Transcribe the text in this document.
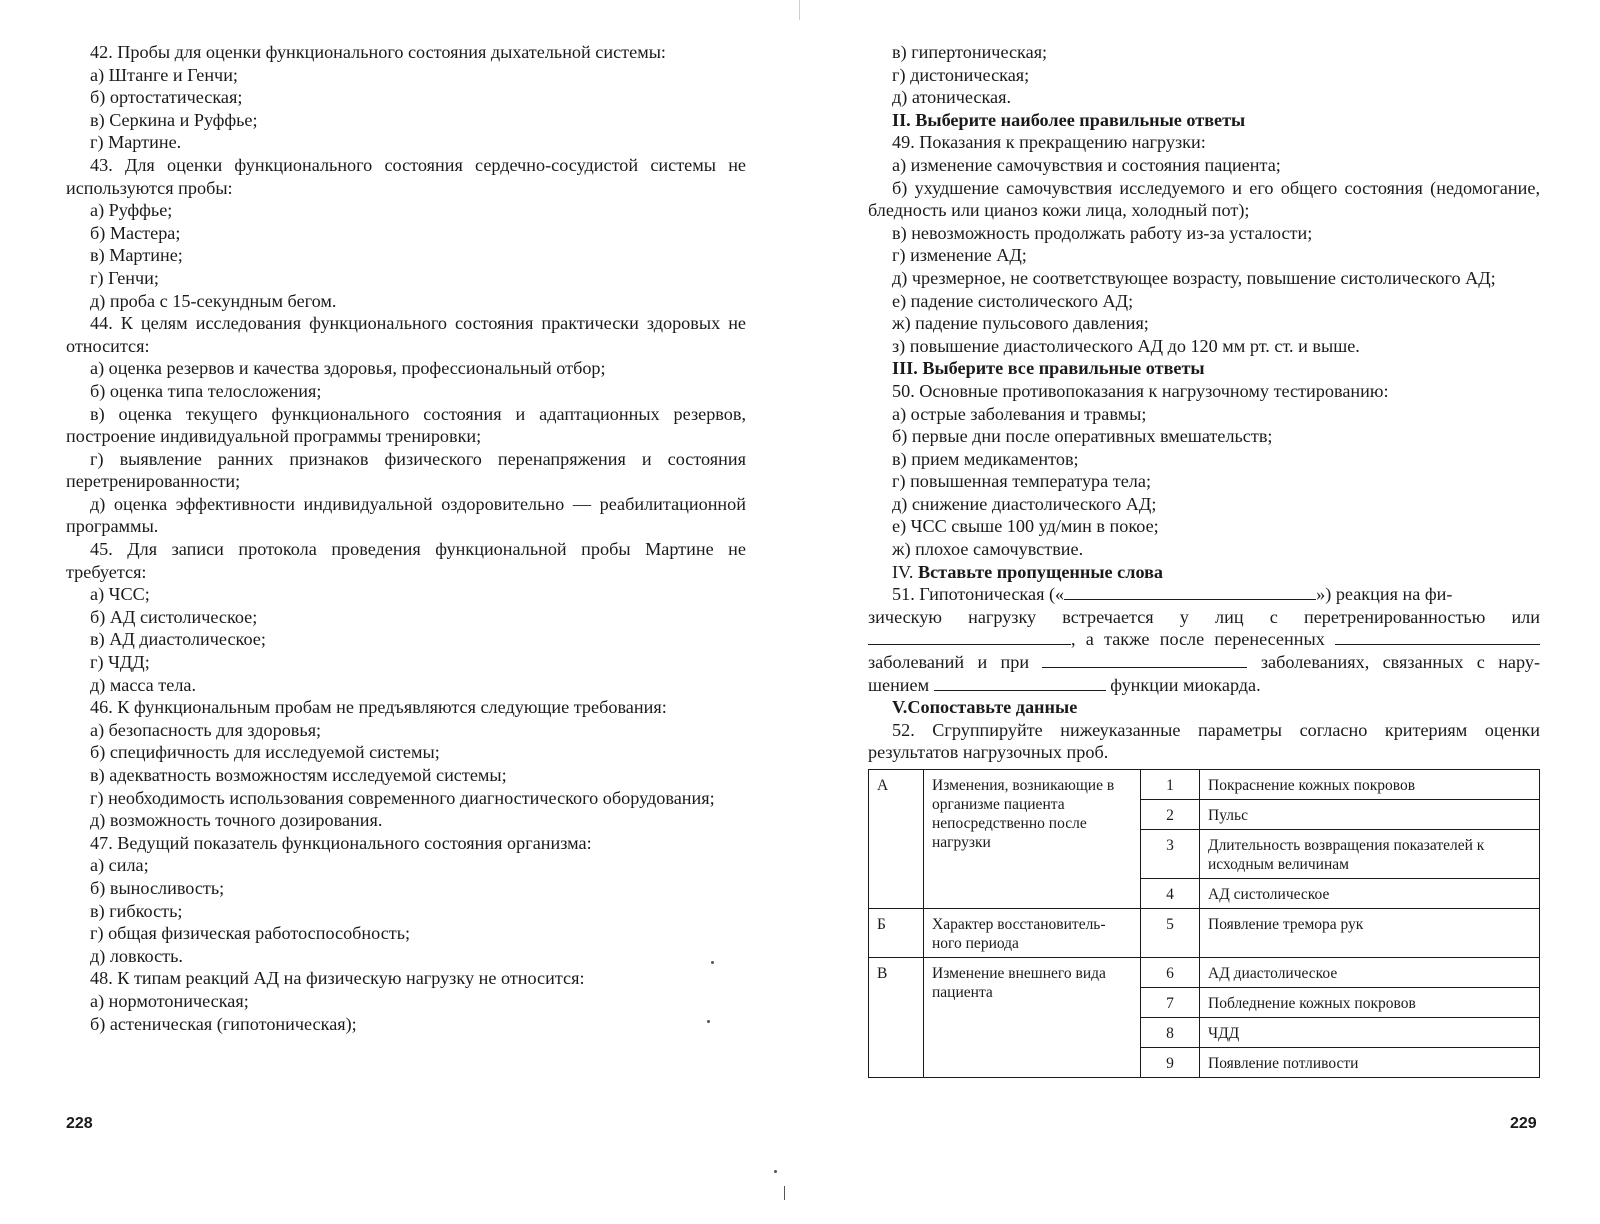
42. Пробы для оценки функционального состояния дыхательной системы:

а) Штанге и Генчи;

б) ортостатическая;

в) Серкина и Руффье;

г) Мартине.

43. Для оценки функционального состояния сердечно-сосудистой системы не используются пробы:

а) Руффье;

б) Мастера;

в) Мартине;

г) Генчи;

д) проба с 15-секундным бегом.

44. К целям исследования функционального состояния практически здоровых не относится:

а) оценка резервов и качества здоровья, профессиональный отбор;

б) оценка типа телосложения;

в) оценка текущего функционального состояния и адаптационных резервов, построение индивидуальной программы тренировки;

г) выявление ранних признаков физического перенапряжения и состояния перетренированности;

д) оценка эффективности индивидуальной оздоровительно — реабилитационной программы.

45. Для записи протокола проведения функциональной пробы Мартине не требуется:

а) ЧСС;

б) АД систолическое;

в) АД диастолическое;

г) ЧДД;

д) масса тела.

46. К функциональным пробам не предъявляются следующие требования:

а) безопасность для здоровья;

б) специфичность для исследуемой системы;

в) адекватность возможностям исследуемой системы;

г) необходимость использования современного диагностического оборудования;

д) возможность точного дозирования.

47. Ведущий показатель функционального состояния организма:

а) сила;

б) выносливость;

в) гибкость;

г) общая физическая работоспособность;

д) ловкость.

48. К типам реакций АД на физическую нагрузку не относится:

а) нормотоническая;

б) астеническая (гипотоническая);

228

в) гипертоническая;

г) дистоническая;

д) атоническая.

II. Выберите наиболее правильные ответы

49. Показания к прекращению нагрузки:

а) изменение самочувствия и состояния пациента;

б) ухудшение самочувствия исследуемого и его общего состояния (недомогание, бледность или цианоз кожи лица, холодный пот);

в) невозможность продолжать работу из-за усталости;

г) изменение АД;

д) чрезмерное, не соответствующее возрасту, повышение систолического АД;

е) падение систолического АД;

ж) падение пульсового давления;

з) повышение диастолического АД до 120 мм рт. ст. и выше.

III. Выберите все правильные ответы

50. Основные противопоказания к нагрузочному тестированию:

а) острые заболевания и травмы;

б) первые дни после оперативных вмешательств;

в) прием медикаментов;

г) повышенная температура тела;

д) снижение диастолического АД;

е) ЧСС свыше 100 уд/мин в покое;

ж) плохое самочувствие.

IV. Вставьте пропущенные слова

51. Гипотоническая («	») реакция на фи-

зическую нагрузку встречается у лиц с перетренированностью или

, а также после перенесенных

заболеваний и при	заболеваниях, связанных с нару-

шением	функции миокарда.

V.Сопоставьте данные

52. Сгруппируйте нижеуказанные параметры согласно критериям оценки результатов нагрузочных проб.

А	Изменения, возникающие в организме пациента непосредственно после нагрузки	1	Покраснение кожных покровов
		2	Пульс
		3	Длительность возвращения показателей к исходным величинам
		4	АД систолическое
Б	Характер восстановитель-ного периода	5	Появление тремора рук
В	Изменение внешнего вида пациента	6	АД диастолическое
		7	Побледнение кожных покровов
		8	ЧДД
		9	Появление потливости
229
